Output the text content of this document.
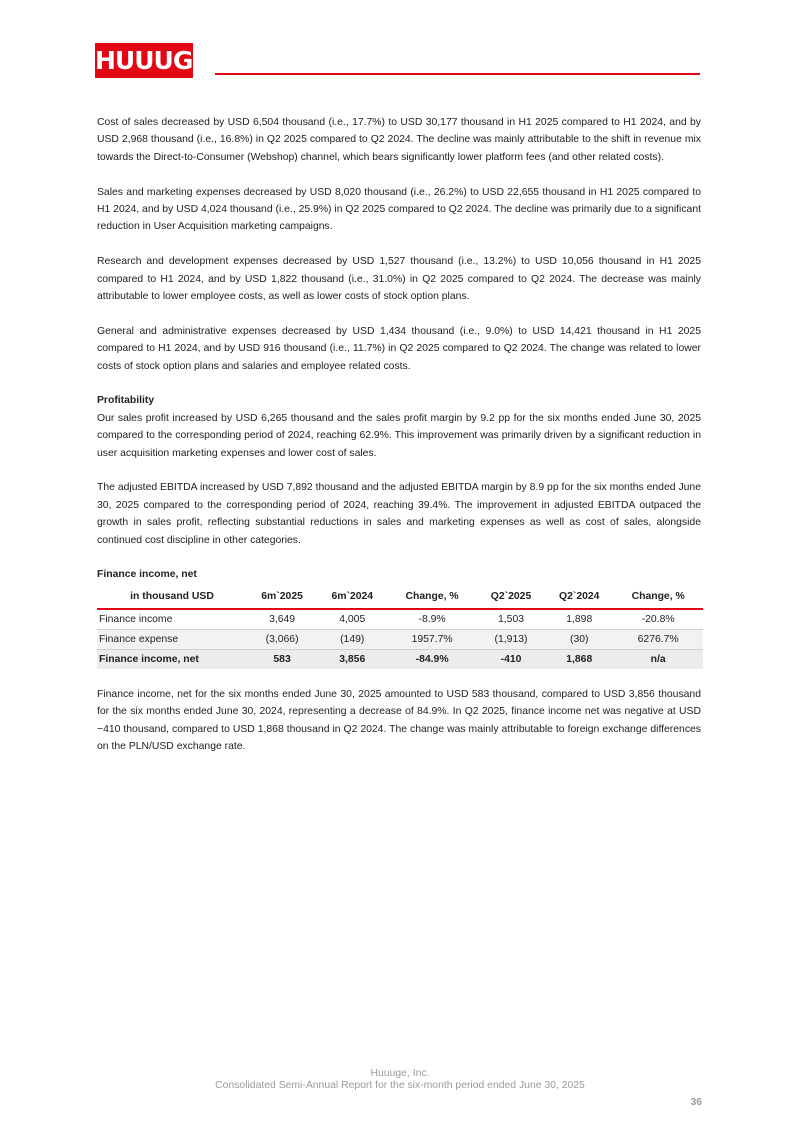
HUUUGE

Cost of sales decreased by USD 6,504 thousand (i.e., 17.7%) to USD 30,177 thousand in H1 2025 compared to H1 2024, and by USD 2,968 thousand (i.e., 16.8%) in Q2 2025 compared to Q2 2024. The decline was mainly attributable to the shift in revenue mix towards the Direct-to-Consumer (Webshop) channel, which bears significantly lower platform fees (and other related costs).

Sales and marketing expenses decreased by USD 8,020 thousand (i.e., 26.2%) to USD 22,655 thousand in H1 2025 compared to H1 2024, and by USD 4,024 thousand (i.e., 25.9%) in Q2 2025 compared to Q2 2024. The decline was primarily due to a significant reduction in User Acquisition marketing campaigns.

Research and development expenses decreased by USD 1,527 thousand (i.e., 13.2%) to USD 10,056 thousand in H1 2025 compared to H1 2024, and by USD 1,822 thousand (i.e., 31.0%) in Q2 2025 compared to Q2 2024. The decrease was mainly attributable to lower employee costs, as well as lower costs of stock option plans.

General and administrative expenses decreased by USD 1,434 thousand (i.e., 9.0%) to USD 14,421 thousand in H1 2025 compared to H1 2024, and by USD 916 thousand (i.e., 11.7%) in Q2 2025 compared to Q2 2024. The change was related to lower costs of stock option plans and salaries and employee related costs.

Profitability

Our sales profit increased by USD 6,265 thousand and the sales profit margin by 9.2 pp for the six months ended June 30, 2025 compared to the corresponding period of 2024, reaching 62.9%. This improvement was primarily driven by a significant reduction in user acquisition marketing expenses and lower cost of sales.

The adjusted EBITDA increased by USD 7,892 thousand and the adjusted EBITDA margin by 8.9 pp for the six months ended June 30, 2025 compared to the corresponding period of 2024, reaching 39.4%. The improvement in adjusted EBITDA outpaced the growth in sales profit, reflecting substantial reductions in sales and marketing expenses as well as cost of sales, alongside continued cost discipline in other categories.

Finance income, net
in thousand USD	6m`2025	6m`2024	Change, %	Q2`2025	Q2`2024	Change, %
Finance income	3,649	4,005	-8.9%	1,503	1,898	-20.8%
Finance expense	(3,066)	(149)	1957.7%	(1,913)	(30)	6276.7%
Finance income, net	583	3,856	-84.9%	-410	1,868	n/a

Finance income, net for the six months ended June 30, 2025 amounted to USD 583 thousand, compared to USD 3,856 thousand for the six months ended June 30, 2024, representing a decrease of 84.9%. In Q2 2025, finance income net was negative at USD −410 thousand, compared to USD 1,868 thousand in Q2 2024. The change was mainly attributable to foreign exchange differences on the PLN/USD exchange rate.

Huuuge, Inc.
Consolidated Semi-Annual Report for the six-month period ended June 30, 2025
36
